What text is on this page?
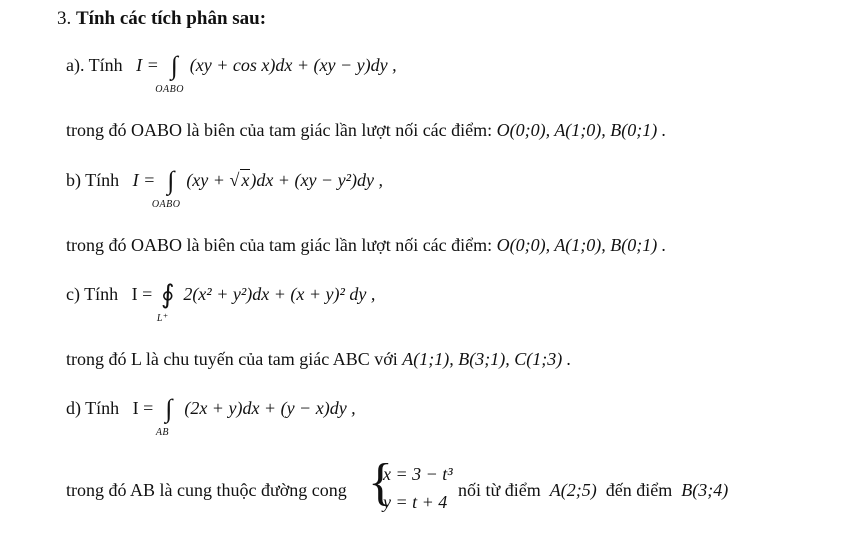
3. Tính các tích phân sau:
a). Tính I = ∫
OABO
(xy + cos x)dx + (xy − y)dy ,
trong đó OABO là biên của tam giác lần lượt nối các điểm: O(0;0), A(1;0), B(0;1) .
b) Tính I = ∫
OABO
(xy + √ x)dx + (xy − y²)dy ,
trong đó OABO là biên của tam giác lần lượt nối các điểm: O(0;0), A(1;0), B(0;1) .
c) Tính I = ∮
L⁺
2(x² + y²)dx + (x + y)² dy ,
trong đó L là chu tuyến của tam giác ABC với A(1;1), B(3;1), C(1;3) .
d) Tính I = ∫
AB
(2x + y)dx + (y − x)dy ,
trong đó AB là cung thuộc đường cong {
x = 3 − t³
y = t + 4
nối từ điểm A(2;5) đến điểm B(3;4)
